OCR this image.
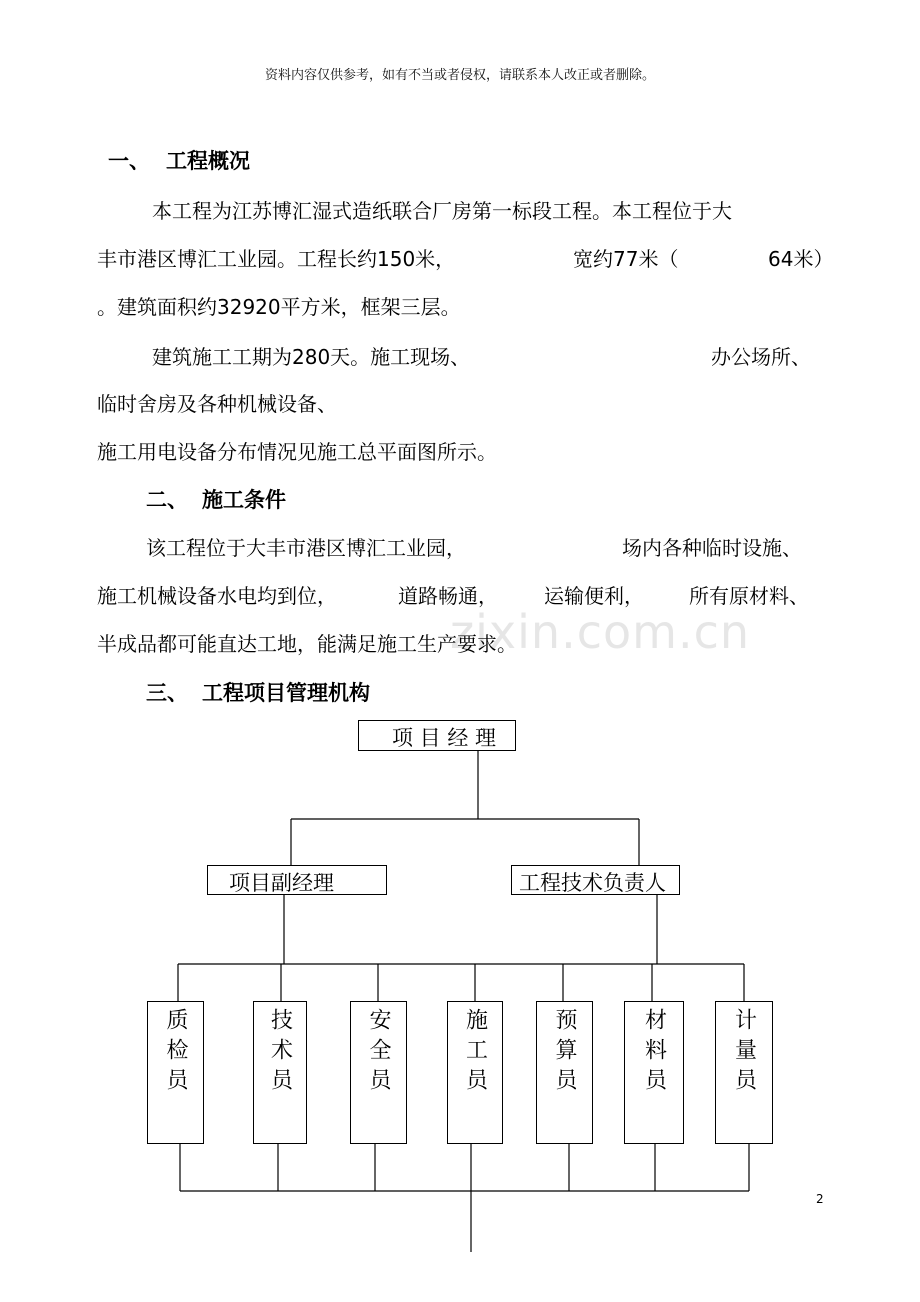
资料内容仅供参考，如有不当或者侵权，请联系本人改正或者删除。
zixin.com.cn
一、 工程概况
本工程为江苏博汇湿式造纸联合厂房第一标段工程。本工程位于大
丰市港区博汇工业园。工程长约150米，	宽约77米（	64米）
。建筑面积约32920平方米，框架三层。
建筑施工工期为280天。施工现场、	办公场所、
临时舍房及各种机械设备、
施工用电设备分布情况见施工总平面图所示。
二、 施工条件
该工程位于大丰市港区博汇工业园，	场内各种临时设施、
施工机械设备水电均到位，	道路畅通， 运输便利， 所有原材料、
半成品都可能直达工地，能满足施工生产要求。
三、 工程项目管理机构
项 目 经 理
项目副经理	工程技术负责人
质检员	技术员	安全员	施工员	预算员	材料员	计量员
2
